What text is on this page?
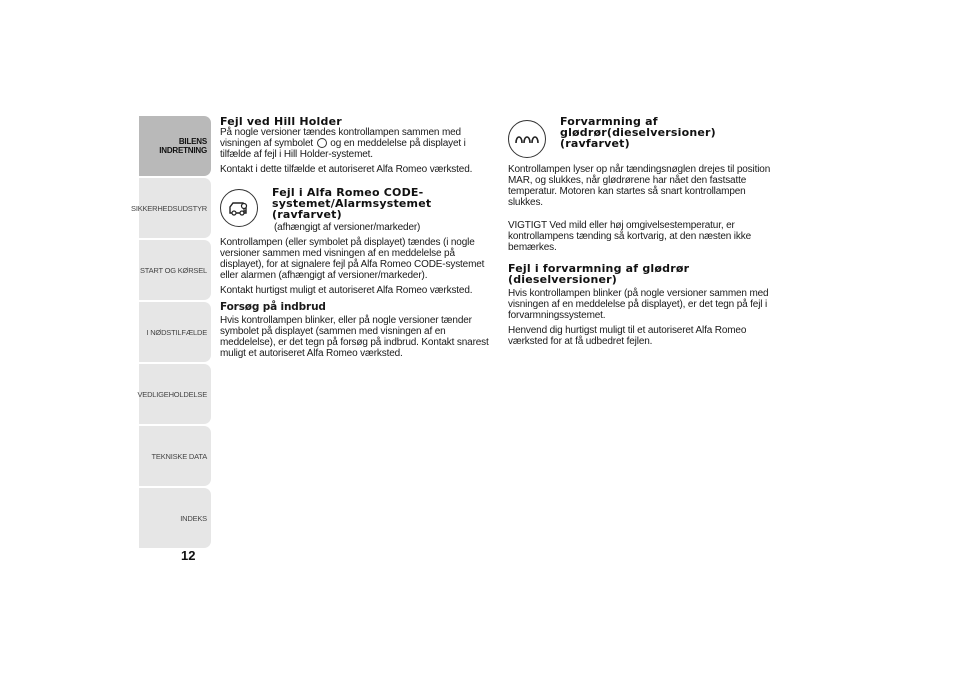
BILENS INDRETNING
SIKKERHEDSUDSTYR
START OG KØRSEL
I NØDSTILFÆLDE
VEDLIGEHOLDELSE
TEKNISKE DATA
INDEKS
12
Fejl ved Hill Holder

På nogle versioner tændes kontrollampen sammen med visningen af symbolet og en meddelelse på displayet i tilfælde af fejl i Hill Holder-systemet.

Kontakt i dette tilfælde et autoriseret Alfa Romeo værksted.

Fejl i Alfa Romeo CODE-systemet/Alarmsystemet (ravfarvet)
(afhængigt af versioner/markeder)

Kontrollampen (eller symbolet på displayet) tændes (i nogle versioner sammen med visningen af en meddelelse på displayet), for at signalere fejl på Alfa Romeo CODE-systemet eller alarmen (afhængigt af versioner/markeder).

Kontakt hurtigst muligt et autoriseret Alfa Romeo værksted.

Forsøg på indbrud

Hvis kontrollampen blinker, eller på nogle versioner tænder symbolet på displayet (sammen med visningen af en meddelelse), er det tegn på forsøg på indbrud. Kontakt snarest muligt et autoriseret Alfa Romeo værksted.

Forvarmning af glødrør(dieselversioner) (ravfarvet)

Kontrollampen lyser op når tændingsnøglen drejes til position MAR, og slukkes, når glødrørene har nået den fastsatte temperatur. Motoren kan startes så snart kontrollampen slukkes.

VIGTIGT Ved mild eller høj omgivelsestemperatur, er kontrollampens tænding så kortvarig, at den næsten ikke bemærkes.

Fejl i forvarmning af glødrør (dieselversioner)

Hvis kontrollampen blinker (på nogle versioner sammen med visningen af en meddelelse på displayet), er det tegn på fejl i forvarmningssystemet.

Henvend dig hurtigst muligt til et autoriseret Alfa Romeo værksted for at få udbedret fejlen.
